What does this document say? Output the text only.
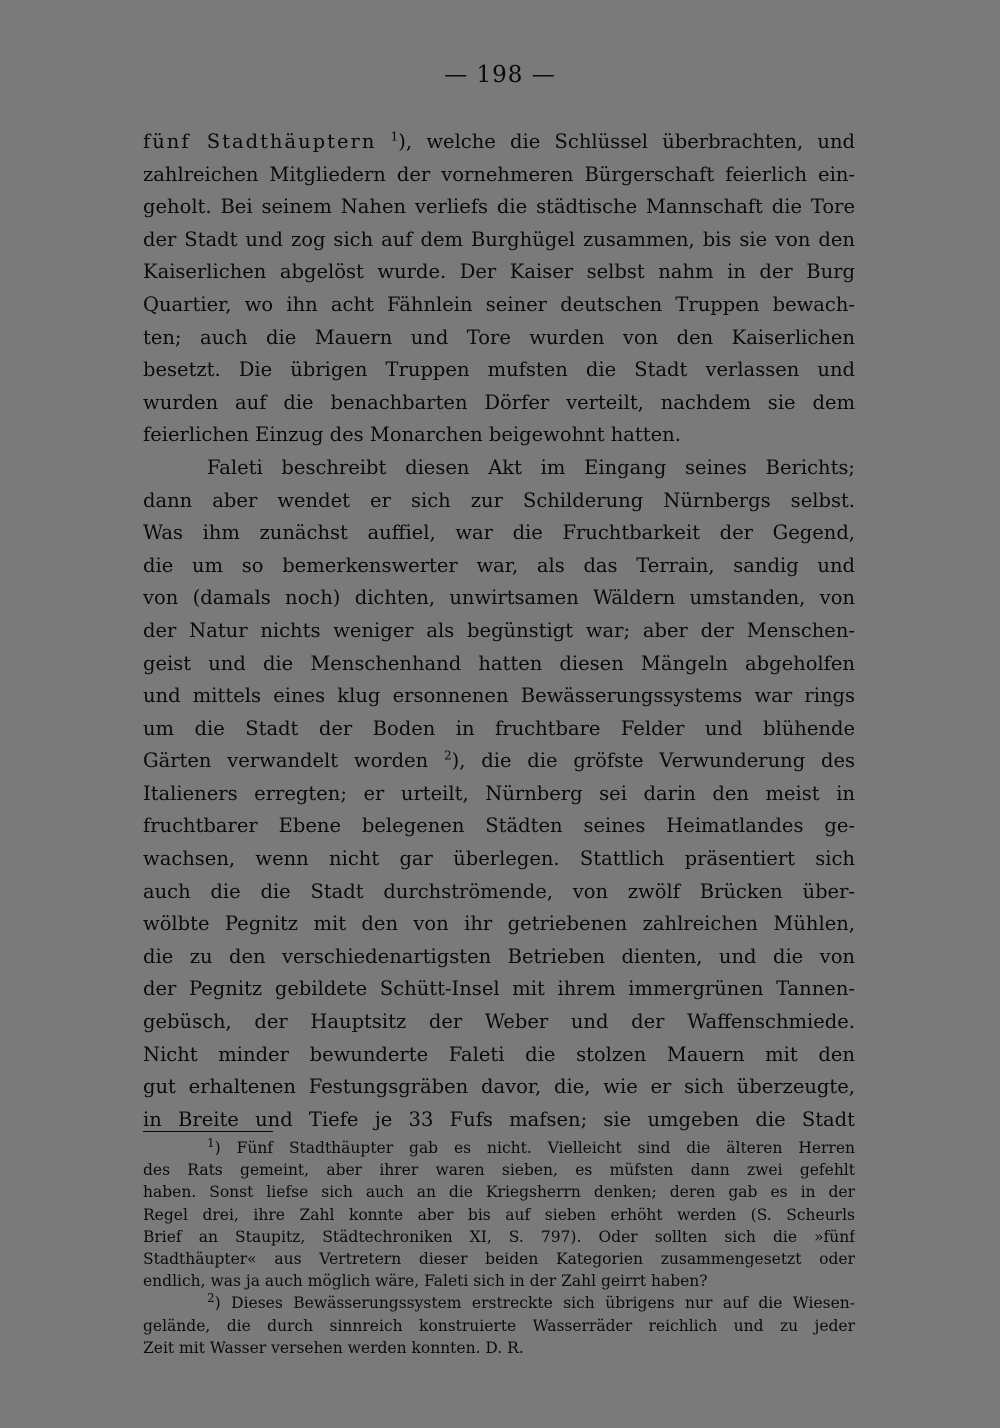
— 198 —
fünf Stadthäuptern $^1$), welche die Schlüssel überbrachten, und
zahlreichen Mitgliedern der vornehmeren Bürgerschaft feierlich ein-
geholt. Bei seinem Nahen verliefs die städtische Mannschaft die Tore
der Stadt und zog sich auf dem Burghügel zusammen, bis sie von den
Kaiserlichen abgelöst wurde. Der Kaiser selbst nahm in der Burg
Quartier, wo ihn acht Fähnlein seiner deutschen Truppen bewach-
ten; auch die Mauern und Tore wurden von den Kaiserlichen
besetzt. Die übrigen Truppen mufsten die Stadt verlassen und
wurden auf die benachbarten Dörfer verteilt, nachdem sie dem
feierlichen Einzug des Monarchen beigewohnt hatten.
Faleti beschreibt diesen Akt im Eingang seines Berichts;
dann aber wendet er sich zur Schilderung Nürnbergs selbst.
Was ihm zunächst auffiel, war die Fruchtbarkeit der Gegend,
die um so bemerkenswerter war, als das Terrain, sandig und
von (damals noch) dichten, unwirtsamen Wäldern umstanden, von
der Natur nichts weniger als begünstigt war; aber der Menschen-
geist und die Menschenhand hatten diesen Mängeln abgeholfen
und mittels eines klug ersonnenen Bewässerungssystems war rings
um die Stadt der Boden in fruchtbare Felder und blühende
Gärten verwandelt worden $^2$), die die gröfste Verwunderung des
Italieners erregten; er urteilt, Nürnberg sei darin den meist in
fruchtbarer Ebene belegenen Städten seines Heimatlandes ge-
wachsen, wenn nicht gar überlegen. Stattlich präsentiert sich
auch die die Stadt durchströmende, von zwölf Brücken über-
wölbte Pegnitz mit den von ihr getriebenen zahlreichen Mühlen,
die zu den verschiedenartigsten Betrieben dienten, und die von
der Pegnitz gebildete Schütt-Insel mit ihrem immergrünen Tannen-
gebüsch, der Hauptsitz der Weber und der Waffenschmiede.
Nicht minder bewunderte Faleti die stolzen Mauern mit den
gut erhaltenen Festungsgräben davor, die, wie er sich überzeugte,
in Breite und Tiefe je 33 Fufs mafsen; sie umgeben die Stadt
$^1$) Fünf Stadthäupter gab es nicht. Vielleicht sind die älteren Herren
des Rats gemeint, aber ihrer waren sieben, es müfsten dann zwei gefehlt
haben. Sonst liefse sich auch an die Kriegsherrn denken; deren gab es in der
Regel drei, ihre Zahl konnte aber bis auf sieben erhöht werden (S. Scheurls
Brief an Staupitz, Städtechroniken XI, S. 797). Oder sollten sich die »fünf
Stadthäupter« aus Vertretern dieser beiden Kategorien zusammengesetzt oder
endlich, was ja auch möglich wäre, Faleti sich in der Zahl geirrt haben?
$^2$) Dieses Bewässerungssystem erstreckte sich übrigens nur auf die Wiesen-
gelände, die durch sinnreich konstruierte Wasserräder reichlich und zu jeder
Zeit mit Wasser versehen werden konnten. D. R.
